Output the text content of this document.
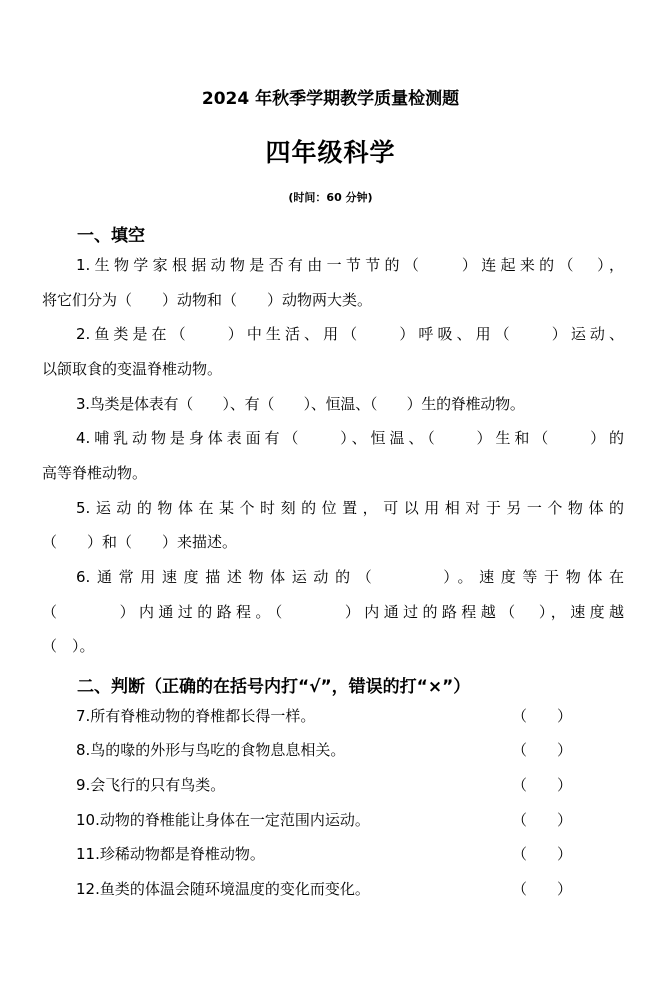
2024 年秋季学期教学质量检测题
四年级科学
(时间：60 分钟)
一、填空
1.生物学家根据动物是否有由一节节的（　　）连起来的（　），
将它们分为（　　）动物和（　　）动物两大类。
2.鱼类是在（　　）中生活、用（　　）呼吸、用（　　）运动、
以颌取食的变温脊椎动物。
3.鸟类是体表有（　　）、有（　　）、恒温、（　　）生的脊椎动物。
4.哺乳动物是身体表面有（　　）、恒温、（　　）生和（　　）的
高等脊椎动物。
5.运动的物体在某个时刻的位置，可以用相对于另一个物体的
（　　）和（　　）来描述。
6.通常用速度描述物体运动的（　　　）。速度等于物体在
（　　　）内通过的路程。（　　　）内通过的路程越（　），速度越
（　）。
二、判断（正确的在括号内打“√”，错误的打“×”）
7.所有脊椎动物的脊椎都长得一样。	（　　）
8.鸟的喙的外形与鸟吃的食物息息相关。	（　　）
9.会飞行的只有鸟类。	（　　）
10.动物的脊椎能让身体在一定范围内运动。	（　　）
11.珍稀动物都是脊椎动物。	（　　）
12.鱼类的体温会随环境温度的变化而变化。	（　　）
